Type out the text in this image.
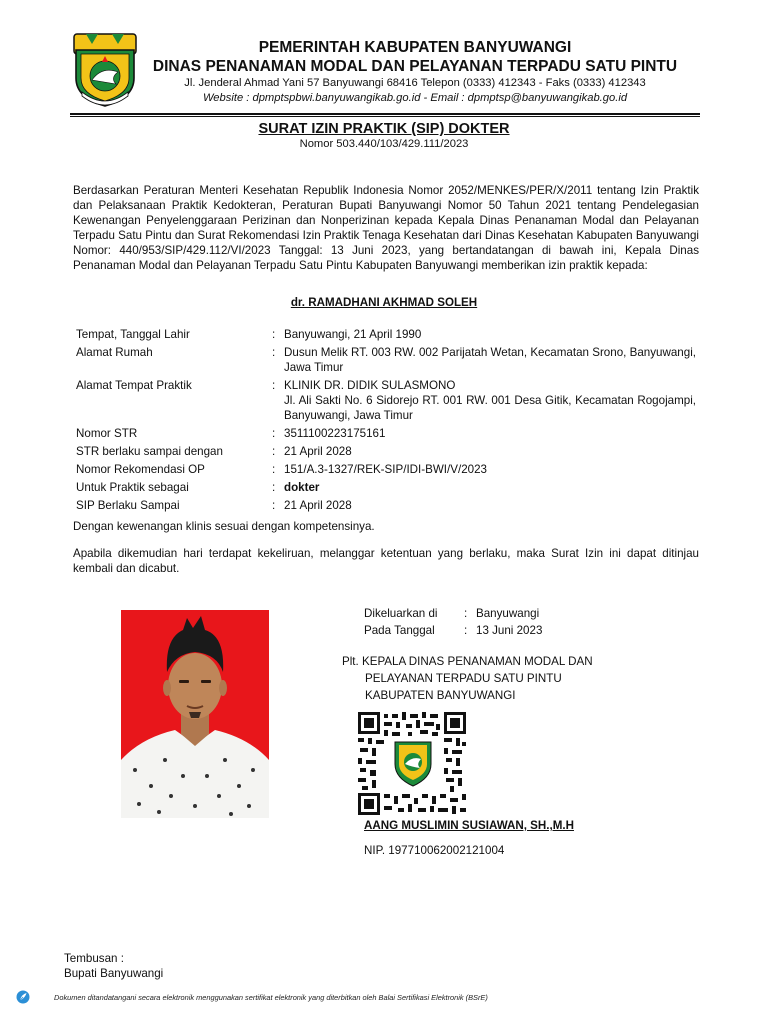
PEMERINTAH KABUPATEN BANYUWANGI
DINAS PENANAMAN MODAL DAN PELAYANAN TERPADU SATU PINTU
Jl. Jenderal Ahmad Yani 57 Banyuwangi 68416 Telepon (0333) 412343 - Faks (0333) 412343
Website : dpmptspbwi.banyuwangikab.go.id - Email : dpmptsp@banyuwangikab.go.id
SURAT IZIN PRAKTIK (SIP) DOKTER
Nomor 503.440/103/429.111/2023
Berdasarkan Peraturan Menteri Kesehatan Republik Indonesia Nomor 2052/MENKES/PER/X/2011 tentang Izin Praktik dan Pelaksanaan Praktik Kedokteran, Peraturan Bupati Banyuwangi Nomor 50 Tahun 2021 tentang Pendelegasian Kewenangan Penyelenggaraan Perizinan dan Nonperizinan kepada Kepala Dinas Penanaman Modal dan Pelayanan Terpadu Satu Pintu dan Surat Rekomendasi Izin Praktik Tenaga Kesehatan dari Dinas Kesehatan Kabupaten Banyuwangi Nomor: 440/953/SIP/429.112/VI/2023 Tanggal: 13 Juni 2023, yang bertandatangan di bawah ini, Kepala Dinas Penanaman Modal dan Pelayanan Terpadu Satu Pintu Kabupaten Banyuwangi memberikan izin praktik kepada:
dr. RAMADHANI AKHMAD SOLEH
Tempat, Tanggal Lahir	: Banyuwangi, 21 April 1990
Alamat Rumah	: Dusun Melik RT. 003 RW. 002 Parijatah Wetan, Kecamatan Srono, Banyuwangi, Jawa Timur
Alamat Tempat Praktik	: KLINIK DR. DIDIK SULASMONO
Jl. Ali Sakti No. 6 Sidorejo RT. 001 RW. 001 Desa Gitik, Kecamatan Rogojampi, Banyuwangi, Jawa Timur
Nomor STR	: 3511100223175161
STR berlaku sampai dengan	: 21 April 2028
Nomor Rekomendasi OP	: 151/A.3-1327/REK-SIP/IDI-BWI/V/2023
Untuk Praktik sebagai	: dokter
SIP Berlaku Sampai	: 21 April 2028
Dengan kewenangan klinis sesuai dengan kompetensinya.
Apabila dikemudian hari terdapat kekeliruan, melanggar ketentuan yang berlaku, maka Surat Izin ini dapat ditinjau kembali dan dicabut.
Dikeluarkan di	: Banyuwangi
Pada Tanggal	: 13 Juni 2023
Plt. KEPALA DINAS PENANAMAN MODAL DAN
PELAYANAN TERPADU SATU PINTU
KABUPATEN BANYUWANGI
AANG MUSLIMIN SUSIAWAN, SH.,M.H
NIP. 197710062002121004
Tembusan :
Bupati Banyuwangi
Dokumen ditandatangani secara elektronik menggunakan sertifikat elektronik yang diterbitkan oleh Balai Sertifikasi Elektronik (BSrE)
